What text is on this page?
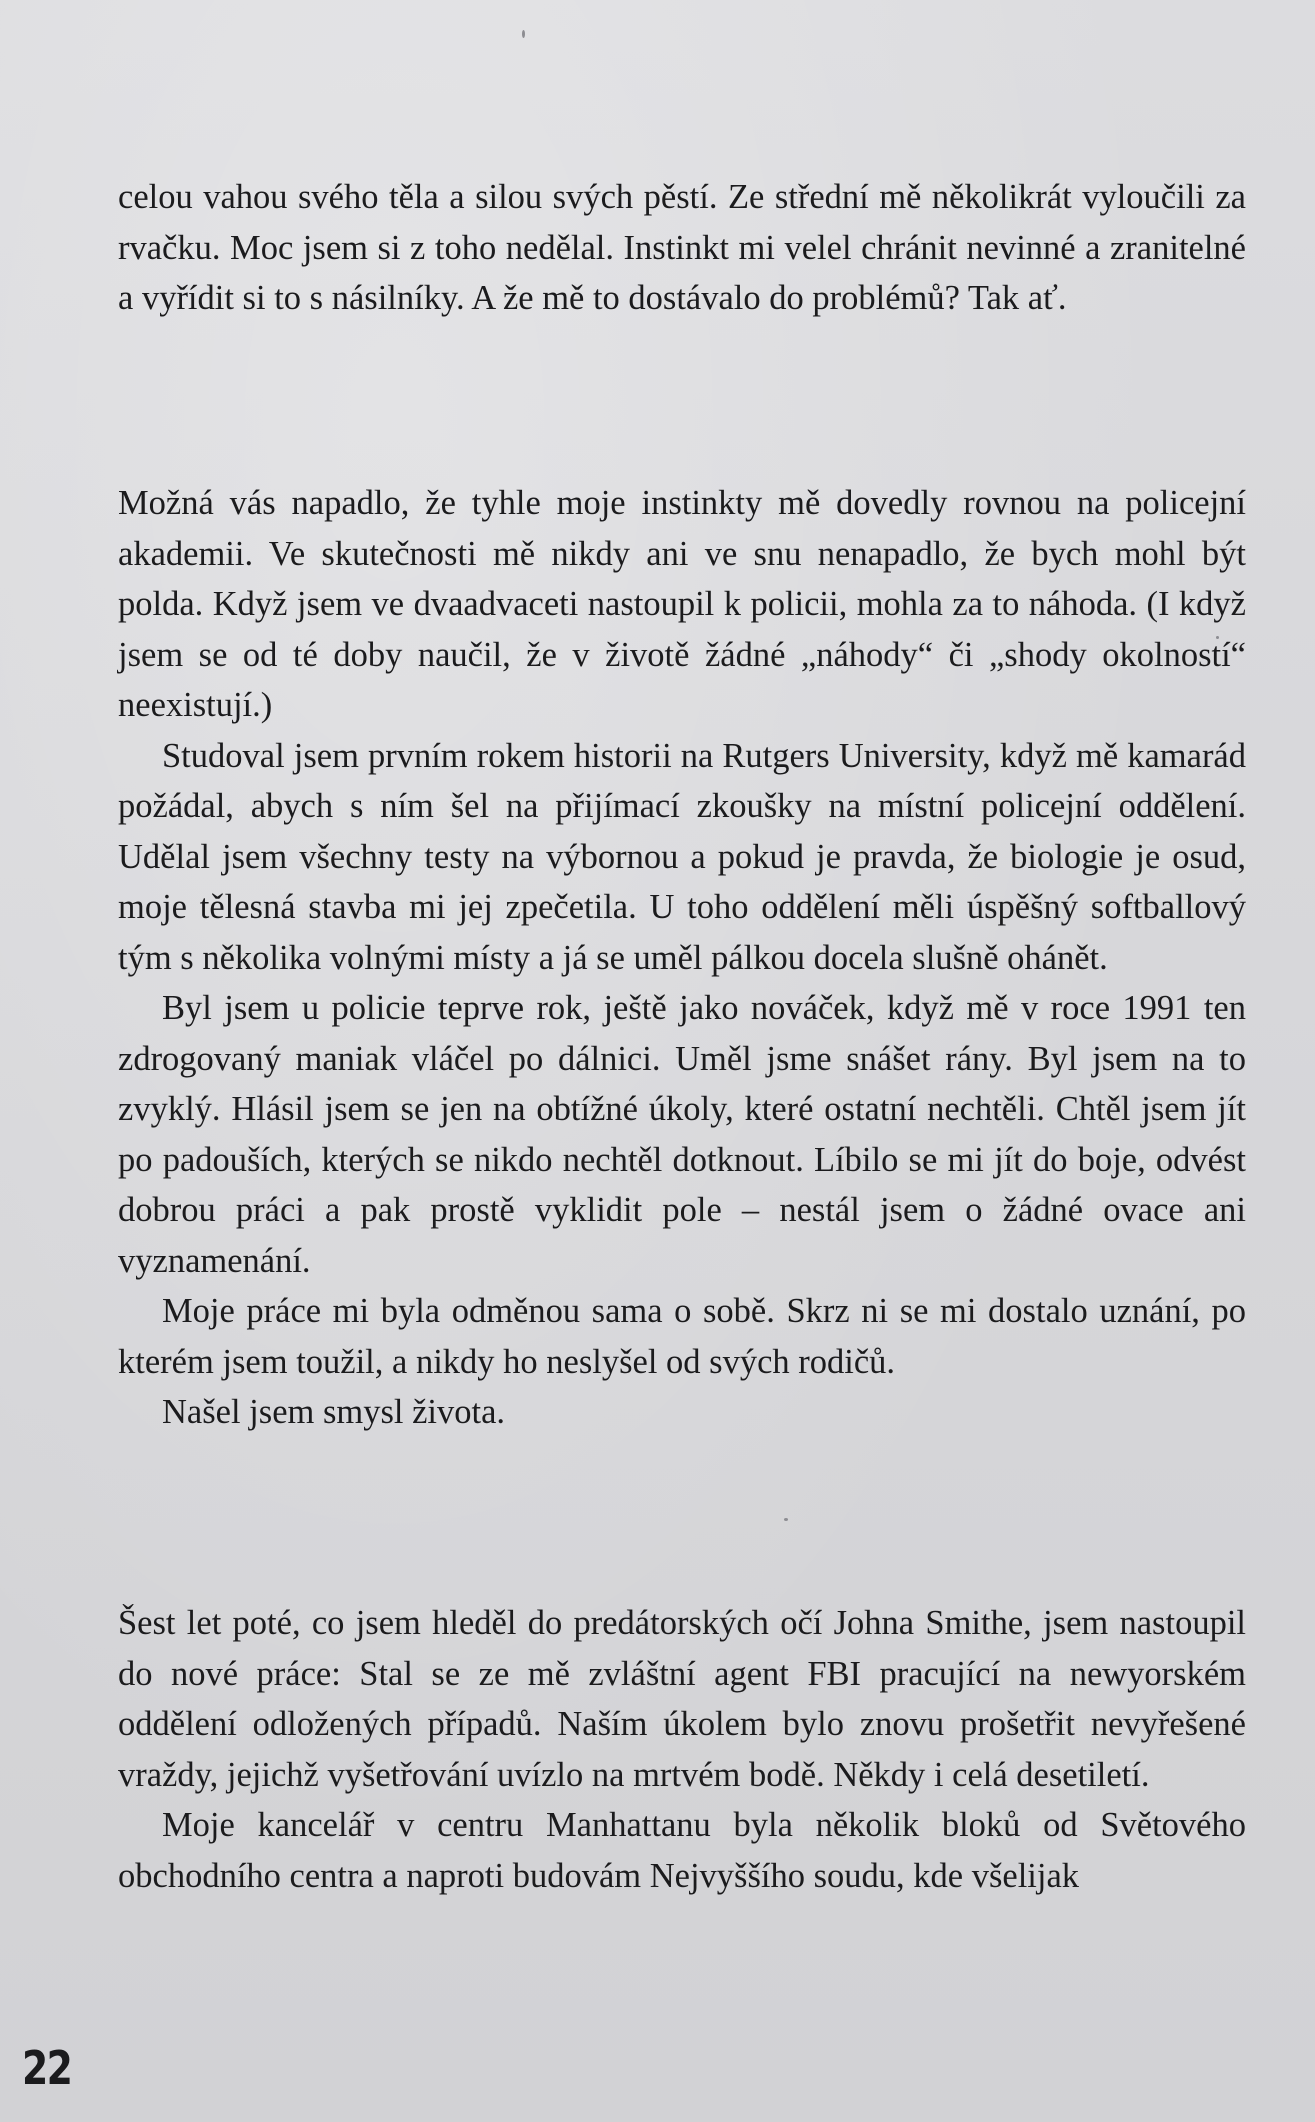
celou vahou svého těla a silou svých pěstí. Ze střední mě několikrát vyloučili za rvačku. Moc jsem si z toho nedělal. Instinkt mi velel chránit nevinné a zranitelné a vyřídit si to s násilníky. A že mě to dostávalo do problémů? Tak ať.

Možná vás napadlo, že tyhle moje instinkty mě dovedly rovnou na policejní akademii. Ve skutečnosti mě nikdy ani ve snu nenapadlo, že bych mohl být polda. Když jsem ve dvaadvaceti nastoupil k policii, mohla za to náhoda. (I když jsem se od té doby naučil, že v životě žádné „náhody“ či „shody okolností“ neexistují.)

Studoval jsem prvním rokem historii na Rutgers University, když mě kamarád požádal, abych s ním šel na přijímací zkoušky na místní policejní oddělení. Udělal jsem všechny testy na výbornou a pokud je pravda, že biologie je osud, moje tělesná stavba mi jej zpečetila. U toho oddělení měli úspěšný softballový tým s několika volnými místy a já se uměl pálkou docela slušně ohánět.

Byl jsem u policie teprve rok, ještě jako nováček, když mě v roce 1991 ten zdrogovaný maniak vláčel po dálnici. Uměl jsme snášet rány. Byl jsem na to zvyklý. Hlásil jsem se jen na obtížné úkoly, které ostatní nechtěli. Chtěl jsem jít po padouších, kterých se nikdo nechtěl dotknout. Líbilo se mi jít do boje, odvést dobrou práci a pak prostě vyklidit pole – nestál jsem o žádné ovace ani vyznamenání.

Moje práce mi byla odměnou sama o sobě. Skrz ni se mi dostalo uznání, po kterém jsem toužil, a nikdy ho neslyšel od svých rodičů.

Našel jsem smysl života.

Šest let poté, co jsem hleděl do predátorských očí Johna Smithe, jsem nastoupil do nové práce: Stal se ze mě zvláštní agent FBI pracující na newyorském oddělení odložených případů. Naším úkolem bylo znovu prošetřit nevyřešené vraždy, jejichž vyšetřování uvízlo na mrtvém bodě. Někdy i celá desetiletí.

Moje kancelář v centru Manhattanu byla několik bloků od Světového obchodního centra a naproti budovám Nejvyššího soudu, kde všelijak

22
